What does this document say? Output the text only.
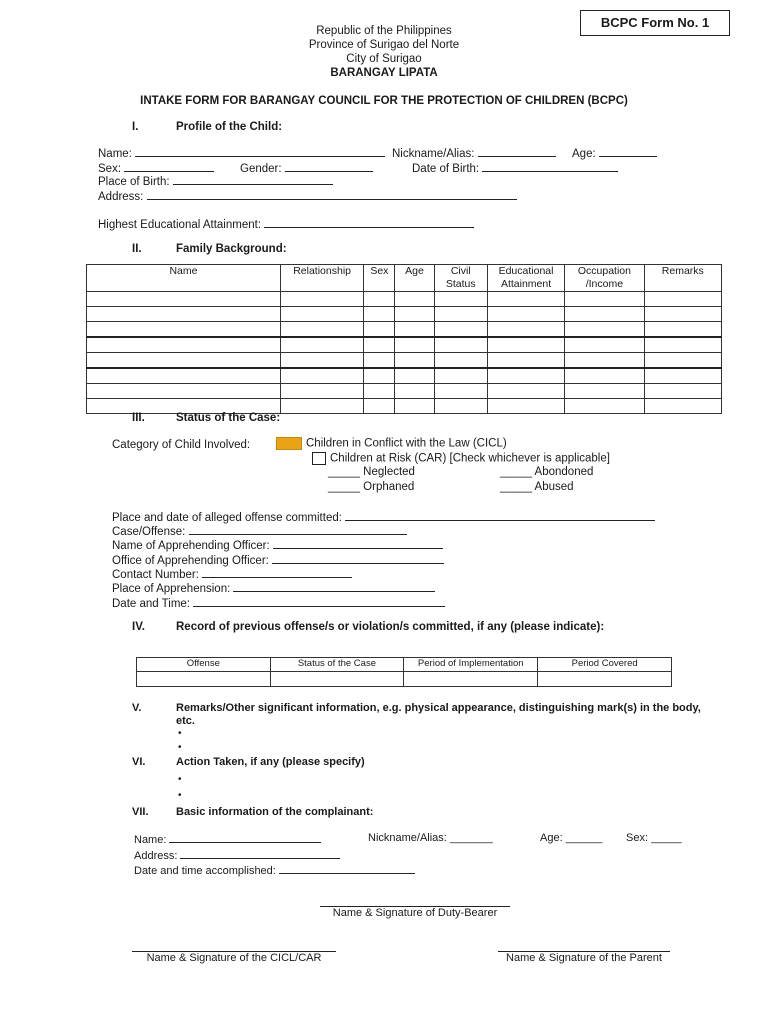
BCPC Form No. 1
Republic of the Philippines
Province of Surigao del Norte
City of Surigao
BARANGAY LIPATA
INTAKE FORM FOR BARANGAY COUNCIL FOR THE PROTECTION OF CHILDREN (BCPC)
I.	Profile of the Child:
Name:	Nickname/Alias:	Age:
Sex:	Gender:	Date of Birth:
Place of Birth:
Address:
Highest Educational Attainment:
II.	Family Background:
Name	Relationship	Sex	Age	Civil Status	Educational Attainment	Occupation /Income	Remarks

III.	Status of the Case:
Category of Child Involved:	Children in Conflict with the Law (CICL)
Children at Risk (CAR) [Check whichever is applicable]
_____ Neglected	_____ Abondoned
_____ Orphaned	_____ Abused
Place and date of alleged offense committed:
Case/Offense:
Name of Apprehending Officer:
Office of Apprehending Officer:
Contact Number:
Place of Apprehension:
Date and Time:
IV.	Record of previous offense/s or violation/s committed, if any (please indicate):
Offense	Status of the Case	Period of Implementation	Period Covered

V.	Remarks/Other significant information, e.g. physical appearance, distinguishing mark(s) in the body, etc.
•
•
VI.	Action Taken, if any (please specify)
•
•
VII. Basic information of the complainant:
Name:	Nickname/Alias: _______	Age: ______ Sex: _____
Address:
Date and time accomplished:
Name & Signature of Duty-Bearer
Name & Signature of the CICL/CAR	Name & Signature of the Parent
